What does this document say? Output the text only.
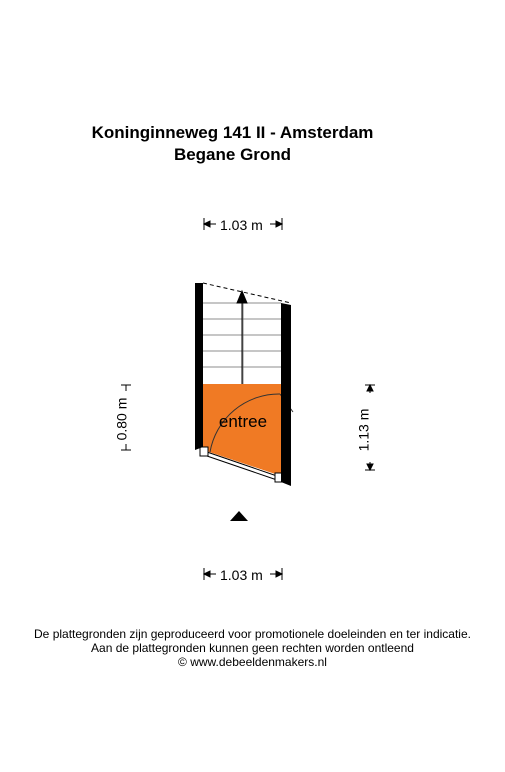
Koninginneweg 141 II - Amsterdam
Begane Grond
1.03 m
1.03 m
0.80 m	1.13 m
entree
De plattegronden zijn geproduceerd voor promotionele doeleinden en ter indicatie.
Aan de plattegronden kunnen geen rechten worden ontleend
© www.debeeldenmakers.nl
